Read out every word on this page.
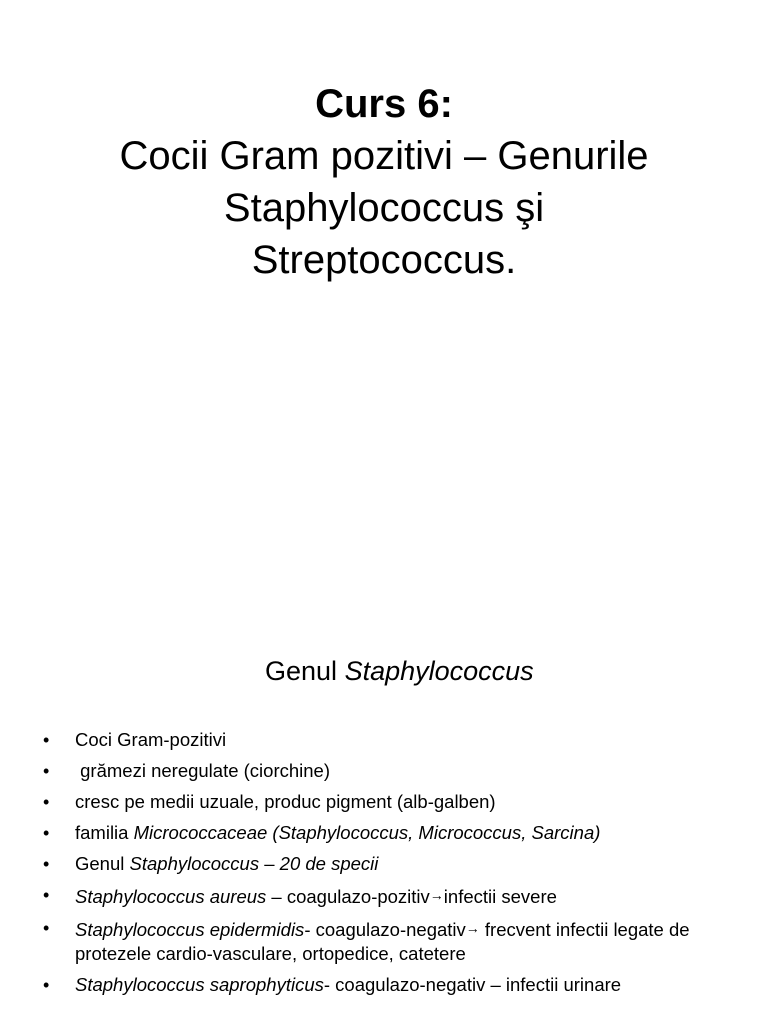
Curs 6:
Cocii Gram pozitivi – Genurile
Staphylococcus şi
Streptococcus.
Genul Staphylococcus
• Coci Gram-pozitivi
• grămezi neregulate (ciorchine)
• cresc pe medii uzuale, produc pigment (alb-galben)
• familia Micrococcaceae (Staphylococcus, Micrococcus, Sarcina)
• Genul Staphylococcus – 20 de specii
• Staphylococcus aureus – coagulazo-pozitiv→infectii severe
• Staphylococcus epidermidis- coagulazo-negativ→ frecvent infectii legate de protezele cardio-vasculare, ortopedice, catetere
• Staphylococcus saprophyticus- coagulazo-negativ – infectii urinare
